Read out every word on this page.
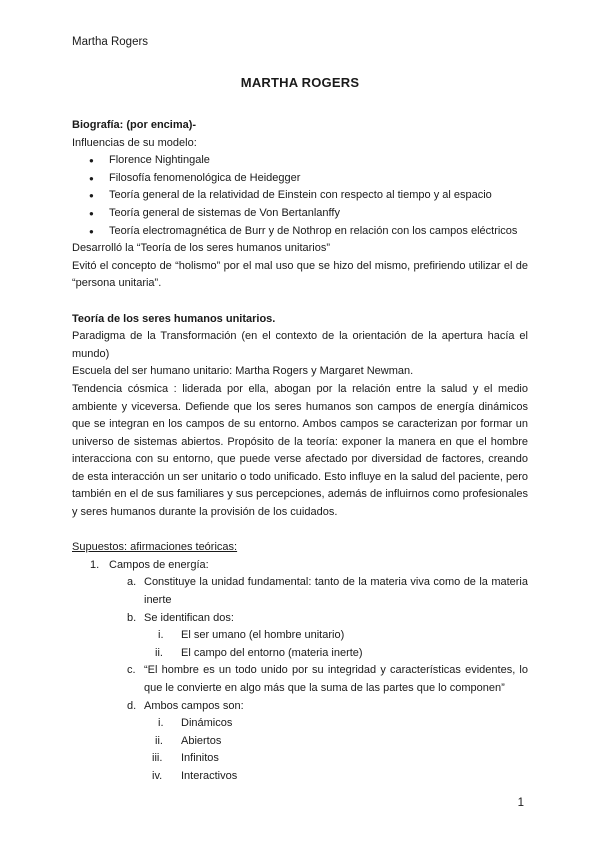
Martha Rogers
MARTHA ROGERS

Biografía: (por encima)-

Influencias de su modelo:

● Florence Nightingale
● Filosofía fenomenológica de Heidegger
● Teoría general de la relatividad de Einstein con respecto al tiempo y al espacio
● Teoría general de sistemas de Von Bertanlanffy
● Teoría electromagnética de Burr y de Nothrop en relación con los campos eléctricos

Desarrolló la “Teoría de los seres humanos unitarios”

Evitó el concepto de “holismo” por el mal uso que se hizo del mismo, prefiriendo utilizar el de “persona unitaria”.

Teoría de los seres humanos unitarios.

Paradigma de la Transformación (en el contexto de la orientación de la apertura hacía el mundo)

Escuela del ser humano unitario: Martha Rogers y Margaret Newman.

Tendencia cósmica : liderada por ella, abogan por la relación entre la salud y el medio ambiente y viceversa. Defiende que los seres humanos son campos de energía dinámicos que se integran en los campos de su entorno. Ambos campos se caracterizan por formar un universo de sistemas abiertos. Propósito de la teoría: exponer la manera en que el hombre interacciona con su entorno, que puede verse afectado por diversidad de factores, creando de esta interacción un ser unitario o todo unificado. Esto influye en la salud del paciente, pero también en el de sus familiares y sus percepciones, además de influirnos como profesionales y seres humanos durante la provisión de los cuidados.

Supuestos: afirmaciones teóricas:

1. Campos de energía:
a. Constituye la unidad fundamental: tanto de la materia viva como de la materia inerte
b. Se identifican dos:
i. El ser umano (el hombre unitario)
ii. El campo del entorno (materia inerte)
c. “El hombre es un todo unido por su integridad y características evidentes, lo que le convierte en algo más que la suma de las partes que lo componen”
d. Ambos campos son:
i. Dinámicos
ii. Abiertos
iii. Infinitos
iv. Interactivos
1
